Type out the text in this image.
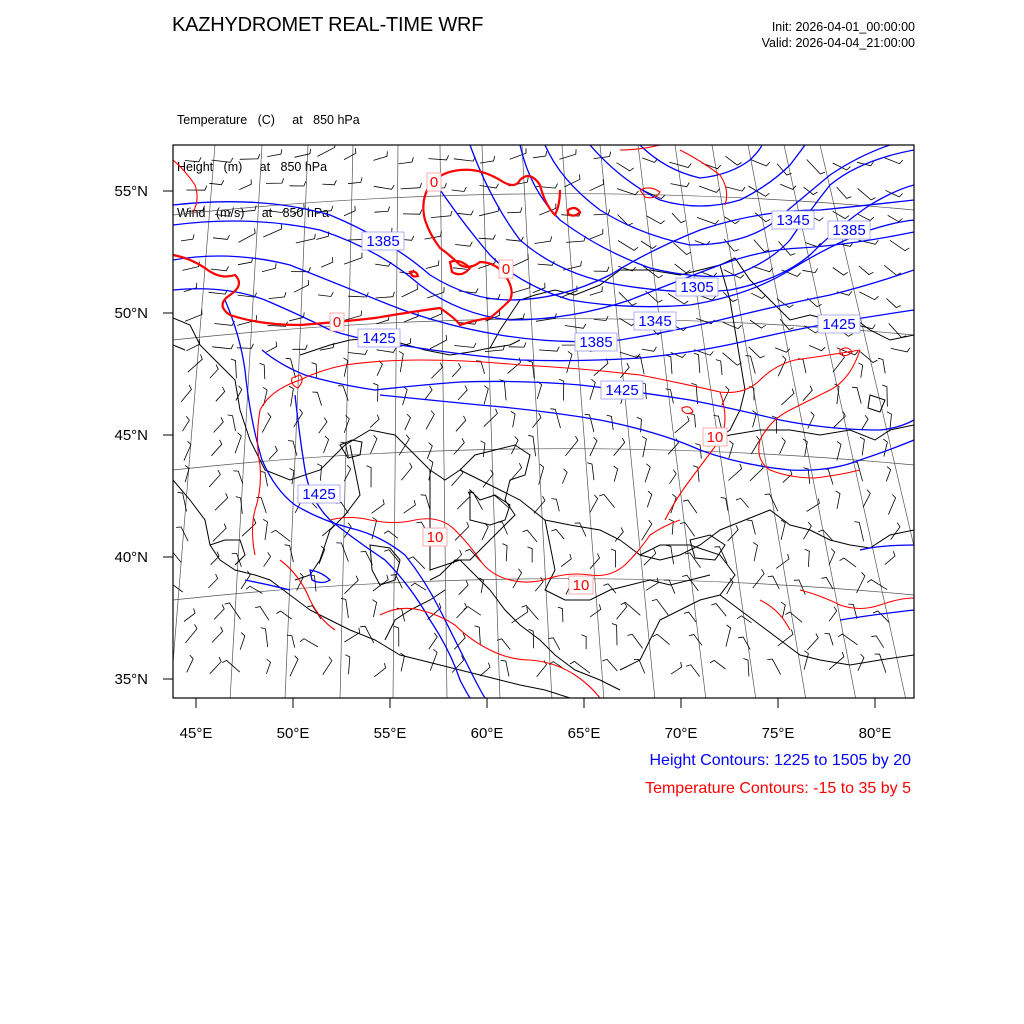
KAZHYDROMET REAL-TIME WRF	Init: 2026-04-01_00:00:00
Valid: 2026-04-04_21:00:00

Temperature   (C)     at   850 hPa

Height   (m)     at   850 hPa

Wind   (m/s)     at   850 hPa

1385
1425	1385
1425
1305
1345
1345
1385
1425
1425
0
0
0
10
10
10
45°E	50°E	55°E	60°E	65°E	70°E	75°E	80°E
55°N
50°N
45°N
40°N
35°N
Height Contours: 1225 to 1505 by 20
Temperature Contours: -15 to 35 by 5
